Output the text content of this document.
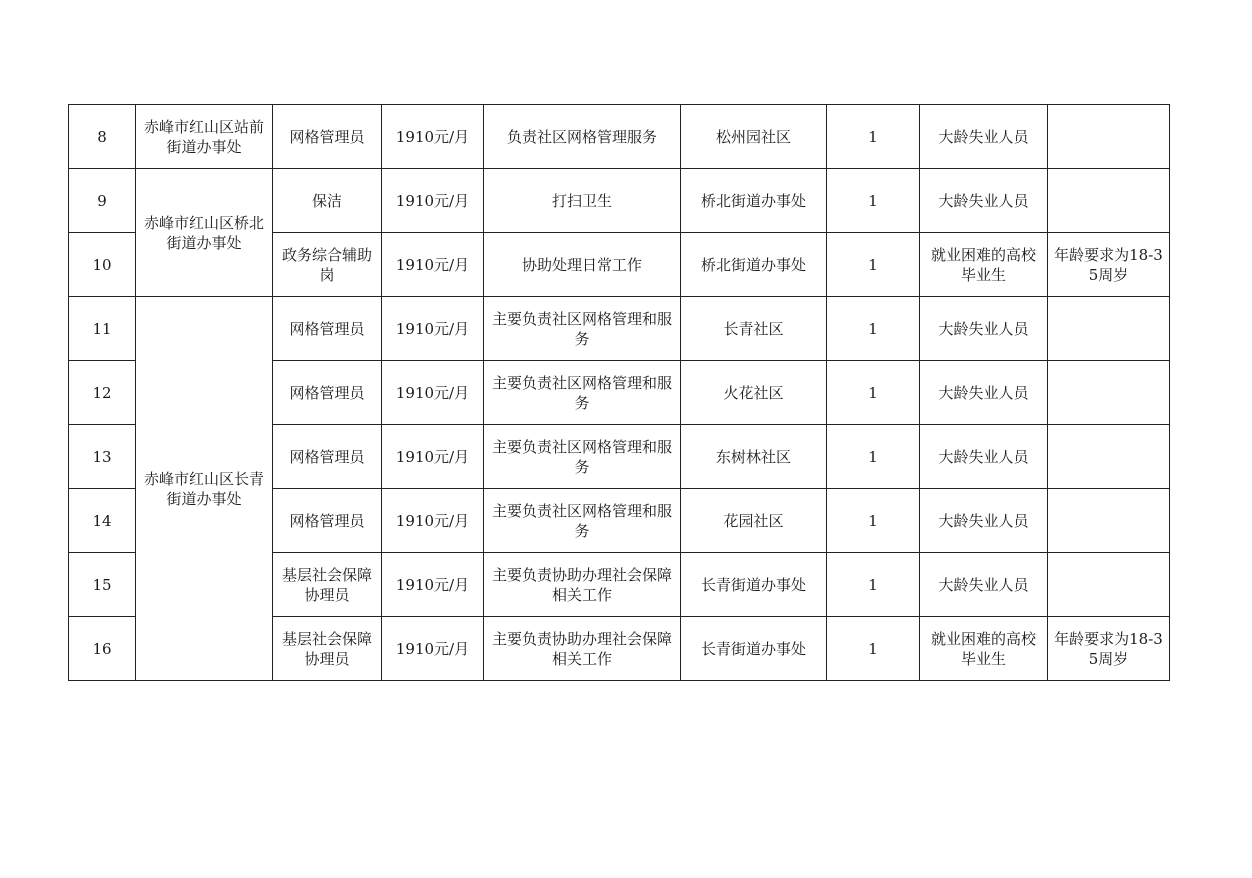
8	赤峰市红山区站前街道办事处	网格管理员	1910元/月	负责社区网格管理服务	松州园社区	1	大龄失业人员	
9	赤峰市红山区桥北街道办事处	保洁	1910元/月	打扫卫生	桥北街道办事处	1	大龄失业人员	
10		政务综合辅助岗	1910元/月	协助处理日常工作	桥北街道办事处	1	就业困难的高校毕业生	年龄要求为18-35周岁
11	赤峰市红山区长青街道办事处	网格管理员	1910元/月	主要负责社区网格管理和服务	长青社区	1	大龄失业人员	
12		网格管理员	1910元/月	主要负责社区网格管理和服务	火花社区	1	大龄失业人员	
13		网格管理员	1910元/月	主要负责社区网格管理和服务	东树林社区	1	大龄失业人员	
14		网格管理员	1910元/月	主要负责社区网格管理和服务	花园社区	1	大龄失业人员	
15		基层社会保障协理员	1910元/月	主要负责协助办理社会保障相关工作	长青街道办事处	1	大龄失业人员	
16		基层社会保障协理员	1910元/月	主要负责协助办理社会保障相关工作	长青街道办事处	1	就业困难的高校毕业生	年龄要求为18-35周岁
